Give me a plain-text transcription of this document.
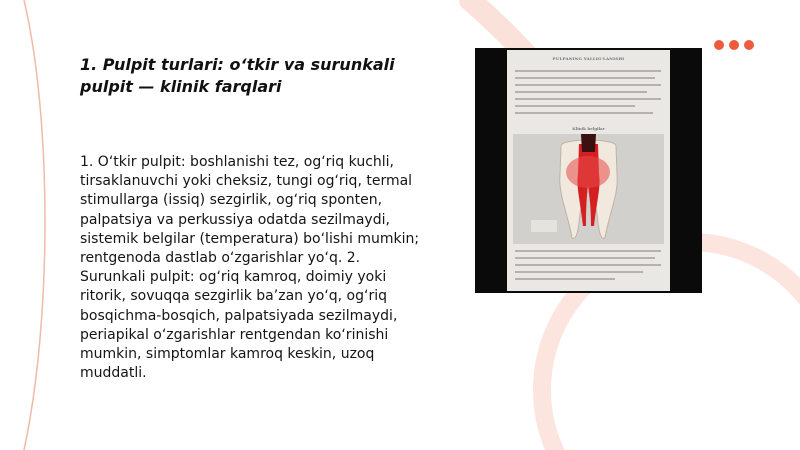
1. Pulpit turlari: o‘tkir va surunkali pulpit — klinik farqlari

1. O‘tkir pulpit: boshlanishi tez, og‘riq kuchli, tirsaklanuvchi yoki cheksiz, tungi og‘riq, termal stimullarga (issiq) sezgirlik, og‘riq sponten, palpatsiya va perkussiya odatda sezilmaydi, sistemik belgilar (temperatura) bo‘lishi mumkin; rentgenoda dastlab o‘zgarishlar yo‘q. 2. Surunkali pulpit: og‘riq kamroq, doimiy yoki ritorik, sovuqqa sezgirlik ba’zan yo‘q, og‘riq bosqichma-bosqich, palpatsiyada sezilmaydi, periapikal o‘zgarishlar rentgendan ko‘rinishi mumkin, simptomlar kamroq keskin, uzoq muddatli.

PULPANING YALLIG'LANISHI
Klinik belgilar
